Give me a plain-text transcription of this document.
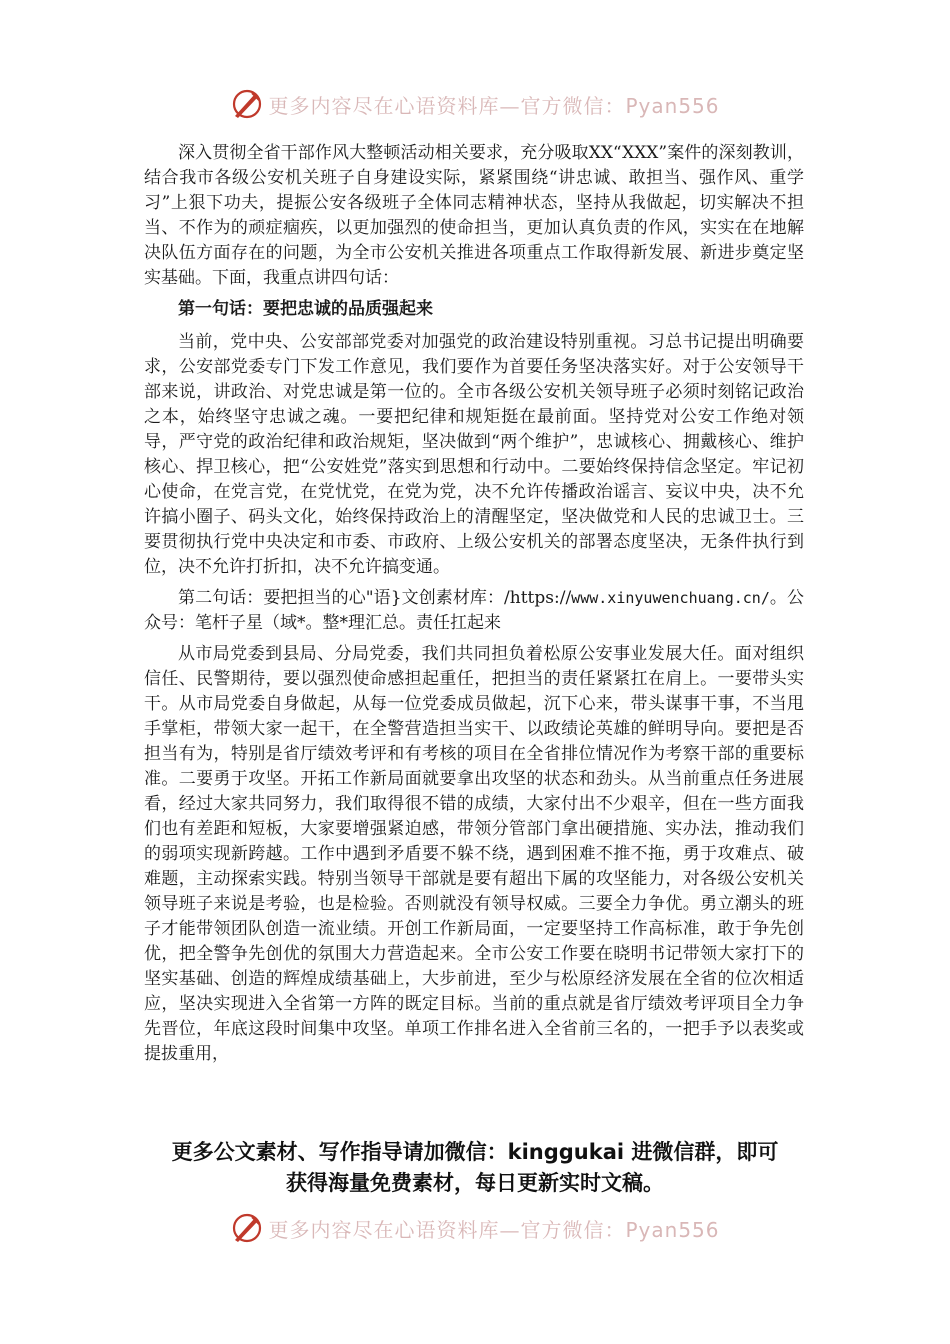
更多内容尽在心语资料库—官方微信：Pyan556

深入贯彻全省干部作风大整顿活动相关要求，充分吸取XX“XXX”案件的深刻教训，结合我市各级公安机关班子自身建设实际，紧紧围绕“讲忠诚、敢担当、强作风、重学习”上狠下功夫，提振公安各级班子全体同志精神状态，坚持从我做起，切实解决不担当、不作为的顽症痼疾，以更加强烈的使命担当，更加认真负责的作风，实实在在地解决队伍方面存在的问题，为全市公安机关推进各项重点工作取得新发展、新进步奠定坚实基础。下面，我重点讲四句话：

第一句话：要把忠诚的品质强起来

当前，党中央、公安部部党委对加强党的政治建设特别重视。习总书记提出明确要求，公安部党委专门下发工作意见，我们要作为首要任务坚决落实好。对于公安领导干部来说，讲政治、对党忠诚是第一位的。全市各级公安机关领导班子必须时刻铭记政治之本，始终坚守忠诚之魂。一要把纪律和规矩挺在最前面。坚持党对公安工作绝对领导，严守党的政治纪律和政治规矩，坚决做到“两个维护”，忠诚核心、拥戴核心、维护核心、捍卫核心，把“公安姓党”落实到思想和行动中。二要始终保持信念坚定。牢记初心使命，在党言党，在党忧党，在党为党，决不允许传播政治谣言、妄议中央，决不允许搞小圈子、码头文化，始终保持政治上的清醒坚定，坚决做党和人民的忠诚卫士。三要贯彻执行党中央决定和市委、市政府、上级公安机关的部署态度坚决，无条件执行到位，决不允许打折扣，决不允许搞变通。

第二句话：要把担当的心"语}文创素材库：/https://www.xinyuwenchuang.cn/。公众号：笔杆子星（域*。整*理汇总。责任扛起来

从市局党委到县局、分局党委，我们共同担负着松原公安事业发展大任。面对组织信任、民警期待，要以强烈使命感担起重任，把担当的责任紧紧扛在肩上。一要带头实干。从市局党委自身做起，从每一位党委成员做起，沉下心来，带头谋事干事，不当甩手掌柜，带领大家一起干，在全警营造担当实干、以政绩论英雄的鲜明导向。要把是否担当有为，特别是省厅绩效考评和有考核的项目在全省排位情况作为考察干部的重要标准。二要勇于攻坚。开拓工作新局面就要拿出攻坚的状态和劲头。从当前重点任务进展看，经过大家共同努力，我们取得很不错的成绩，大家付出不少艰辛，但在一些方面我们也有差距和短板，大家要增强紧迫感，带领分管部门拿出硬措施、实办法，推动我们的弱项实现新跨越。工作中遇到矛盾要不躲不绕，遇到困难不推不拖，勇于攻难点、破难题，主动探索实践。特别当领导干部就是要有超出下属的攻坚能力，对各级公安机关领导班子来说是考验，也是检验。否则就没有领导权威。三要全力争优。勇立潮头的班子才能带领团队创造一流业绩。开创工作新局面，一定要坚持工作高标准，敢于争先创优，把全警争先创优的氛围大力营造起来。全市公安工作要在晓明书记带领大家打下的坚实基础、创造的辉煌成绩基础上，大步前进，至少与松原经济发展在全省的位次相适应，坚决实现进入全省第一方阵的既定目标。当前的重点就是省厅绩效考评项目全力争先晋位，年底这段时间集中攻坚。单项工作排名进入全省前三名的，一把手予以表奖或提拔重用，

更多公文素材、写作指导请加微信：kinggukai 进微信群，即可
获得海量免费素材，每日更新实时文稿。
更多内容尽在心语资料库—官方微信：Pyan556
